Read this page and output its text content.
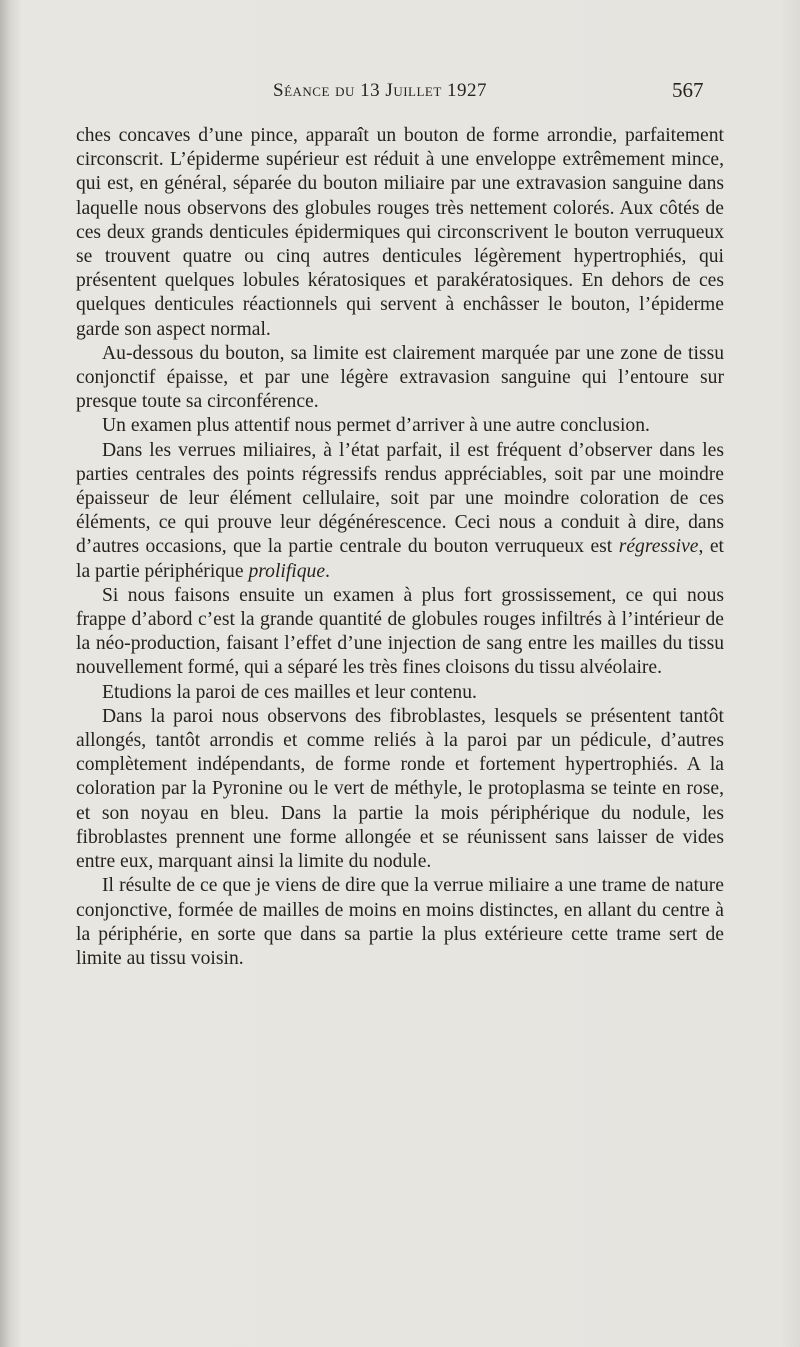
Séance du 13 Juillet 1927	567

ches concaves d’une pince, apparaît un bouton de forme arrondie, parfaitement circonscrit. L’épiderme supérieur est réduit à une enveloppe extrêmement mince, qui est, en général, séparée du bouton miliaire par une extravasion sanguine dans laquelle nous observons des globules rouges très nettement colorés. Aux côtés de ces deux grands denticules épidermiques qui circonscrivent le bouton verruqueux se trouvent quatre ou cinq autres denticules légèrement hypertrophiés, qui présentent quelques lobules kératosiques et parakératosiques. En dehors de ces quelques denticules réactionnels qui servent à enchâsser le bouton, l’épiderme garde son aspect normal.

Au-dessous du bouton, sa limite est clairement marquée par une zone de tissu conjonctif épaisse, et par une légère extravasion sanguine qui l’entoure sur presque toute sa circonférence.

Un examen plus attentif nous permet d’arriver à une autre conclusion.

Dans les verrues miliaires, à l’état parfait, il est fréquent d’observer dans les parties centrales des points régressifs rendus appréciables, soit par une moindre épaisseur de leur élément cellulaire, soit par une moindre coloration de ces éléments, ce qui prouve leur dégénérescence. Ceci nous a conduit à dire, dans d’autres occasions, que la partie centrale du bouton verruqueux est régressive, et la partie périphérique prolifique.

Si nous faisons ensuite un examen à plus fort grossissement, ce qui nous frappe d’abord c’est la grande quantité de globules rouges infiltrés à l’intérieur de la néo-production, faisant l’effet d’une injection de sang entre les mailles du tissu nouvellement formé, qui a séparé les très fines cloisons du tissu alvéolaire.

Etudions la paroi de ces mailles et leur contenu.

Dans la paroi nous observons des fibroblastes, lesquels se présentent tantôt allongés, tantôt arrondis et comme reliés à la paroi par un pédicule, d’autres complètement indépendants, de forme ronde et fortement hypertrophiés. A la coloration par la Pyronine ou le vert de méthyle, le protoplasma se teinte en rose, et son noyau en bleu. Dans la partie la mois périphérique du nodule, les fibroblastes prennent une forme allongée et se réunissent sans laisser de vides entre eux, marquant ainsi la limite du nodule.

Il résulte de ce que je viens de dire que la verrue miliaire a une trame de nature conjonctive, formée de mailles de moins en moins distinctes, en allant du centre à la périphérie, en sorte que dans sa partie la plus extérieure cette trame sert de limite au tissu voisin.
